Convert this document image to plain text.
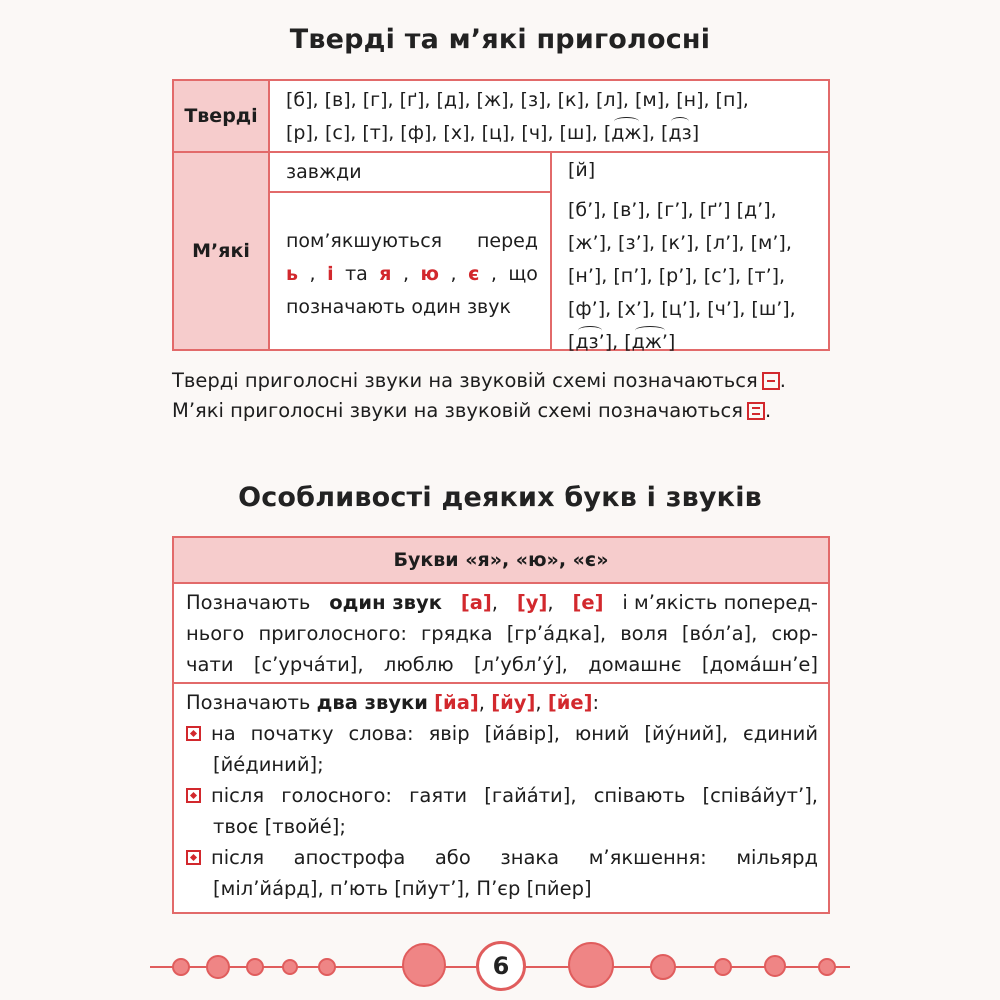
Тверді та м’які приголосні
Тверді
М’які
[б], [в], [г], [ґ], [д], [ж], [з], [к], [л], [м], [н], [п],
[р], [с], [т], [ф], [х], [ц], [ч], [ш], [дж], [дз]
завжди	[й]
пом’якшуються перед
ь , і та я , ю , є , що
позначають один звук
[б’], [в’], [г’], [ґ’] [д’],
[ж’], [з’], [к’], [л’], [м’],
[н’], [п’], [р’], [с’], [т’],
[ф’], [х’], [ц’], [ч’], [ш’],
[дз’], [дж’]
Тверді приголосні звуки на звуковій схемі позначаються .
М’які приголосні звуки на звуковій схемі позначаються .
Особливості деяких букв і звуків
Букви «я», «ю», «є»
Позначають один звук [а], [у], [е] і м’якість поперед-
нього приголосного: грядка [гр’а́дка], воля [во́л’а], сюр-
чати [с’урча́ти], люблю [л’убл’у́], домашнє [дома́шн’е]
Позначають два звуки [йа], [йу], [йе]:
на початку слова: явір [йа́вір], юний [йу́ний], єдиний
[йе́диний];
після голосного: гаяти [гайа́ти], співають [співа́йут’],
твоє [твойе́];
після апострофа або знака м’якшення: мільярд
[міл’йа́рд], п’ють [пйут’], П’єр [пйер]
6
